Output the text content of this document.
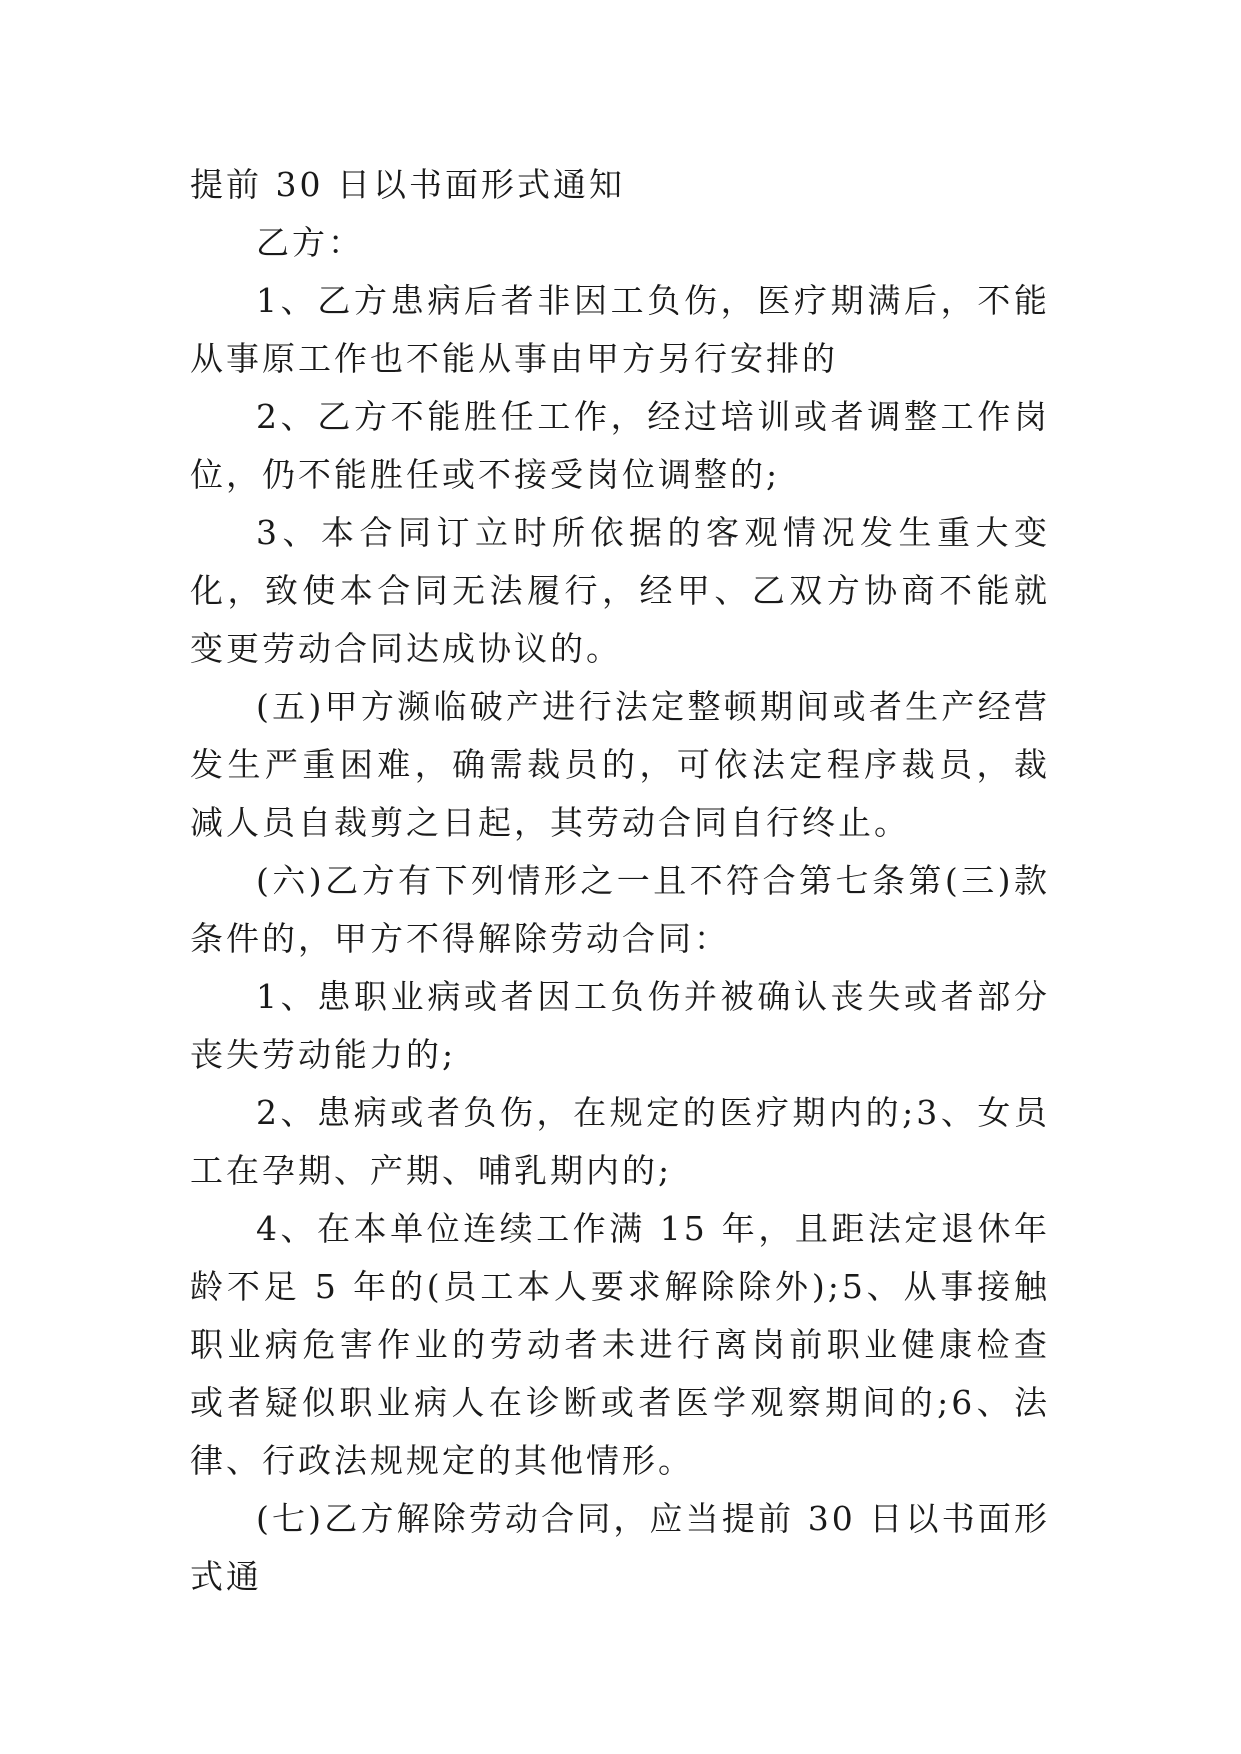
提前 30 日以书面形式通知

乙方：

1、乙方患病后者非因工负伤，医疗期满后，不能从事原工作也不能从事由甲方另行安排的

2、乙方不能胜任工作，经过培训或者调整工作岗位，仍不能胜任或不接受岗位调整的;

3、本合同订立时所依据的客观情况发生重大变化，致使本合同无法履行，经甲、乙双方协商不能就变更劳动合同达成协议的。

(五)甲方濒临破产进行法定整顿期间或者生产经营发生严重困难，确需裁员的，可依法定程序裁员，裁减人员自裁剪之日起，其劳动合同自行终止。

(六)乙方有下列情形之一且不符合第七条第(三)款条件的，甲方不得解除劳动合同：

1、患职业病或者因工负伤并被确认丧失或者部分丧失劳动能力的;

2、患病或者负伤，在规定的医疗期内的;3、女员工在孕期、产期、哺乳期内的;

4、在本单位连续工作满 15 年，且距法定退休年龄不足 5 年的(员工本人要求解除除外);5、从事接触职业病危害作业的劳动者未进行离岗前职业健康检查或者疑似职业病人在诊断或者医学观察期间的;6、法律、行政法规规定的其他情形。

(七)乙方解除劳动合同，应当提前 30 日以书面形式通
